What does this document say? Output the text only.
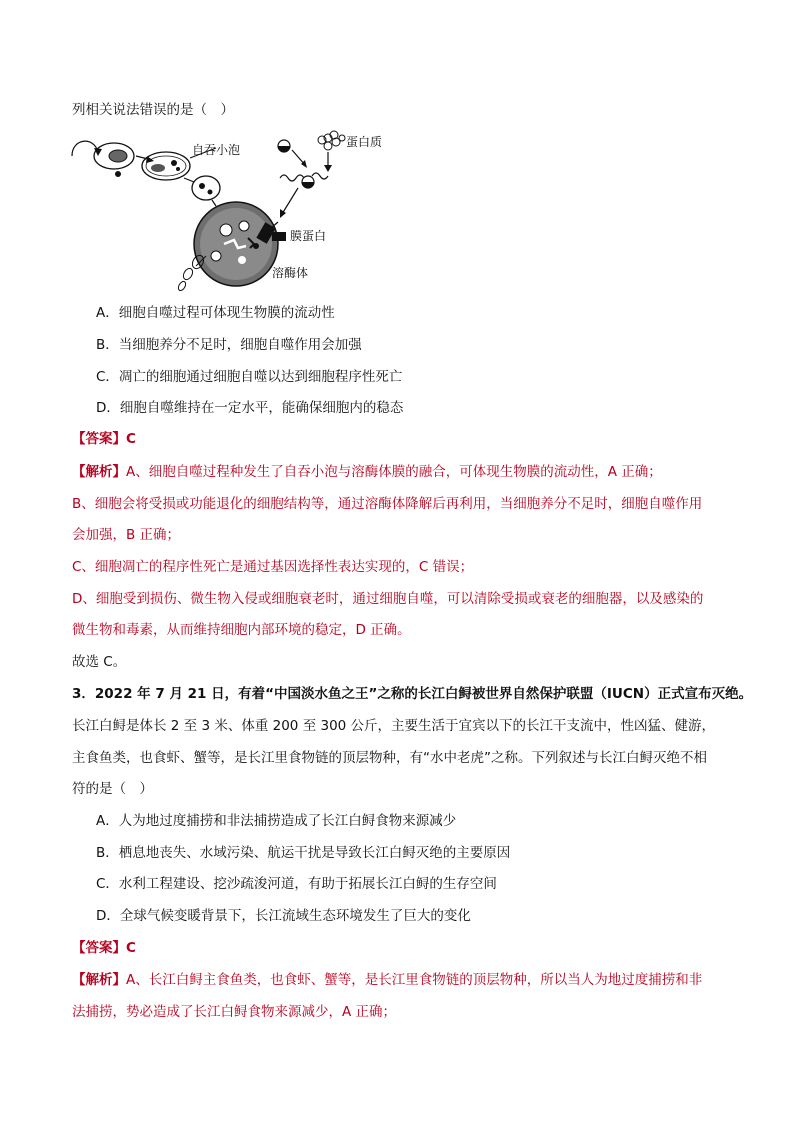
列相关说法错误的是（　）
自吞小泡
膜蛋白
溶酶体
蛋白质
A．细胞自噬过程可体现生物膜的流动性
B．当细胞养分不足时，细胞自噬作用会加强
C．凋亡的细胞通过细胞自噬以达到细胞程序性死亡
D．细胞自噬维持在一定水平，能确保细胞内的稳态
【答案】C
【解析】A、细胞自噬过程种发生了自吞小泡与溶酶体膜的融合，可体现生物膜的流动性，A 正确；
B、细胞会将受损或功能退化的细胞结构等，通过溶酶体降解后再利用，当细胞养分不足时，细胞自噬作用
会加强，B 正确；
C、细胞凋亡的程序性死亡是通过基因选择性表达实现的，C 错误；
D、细胞受到损伤、微生物入侵或细胞衰老时，通过细胞自噬，可以清除受损或衰老的细胞器，以及感染的
微生物和毒素，从而维持细胞内部环境的稳定，D 正确。
故选 C。
3．2022 年 7 月 21 日，有着“中国淡水鱼之王”之称的长江白鲟被世界自然保护联盟（IUCN）正式宣布灭绝。
长江白鲟是体长 2 至 3 米、体重 200 至 300 公斤，主要生活于宜宾以下的长江干支流中，性凶猛、健游，
主食鱼类，也食虾、蟹等，是长江里食物链的顶层物种，有“水中老虎”之称。下列叙述与长江白鲟灭绝不相
符的是（　）
A．人为地过度捕捞和非法捕捞造成了长江白鲟食物来源减少
B．栖息地丧失、水域污染、航运干扰是导致长江白鲟灭绝的主要原因
C．水利工程建设、挖沙疏浚河道，有助于拓展长江白鲟的生存空间
D．全球气候变暖背景下，长江流域生态环境发生了巨大的变化
【答案】C
【解析】A、长江白鲟主食鱼类，也食虾、蟹等，是长江里食物链的顶层物种，所以当人为地过度捕捞和非
法捕捞，势必造成了长江白鲟食物来源减少，A 正确；
